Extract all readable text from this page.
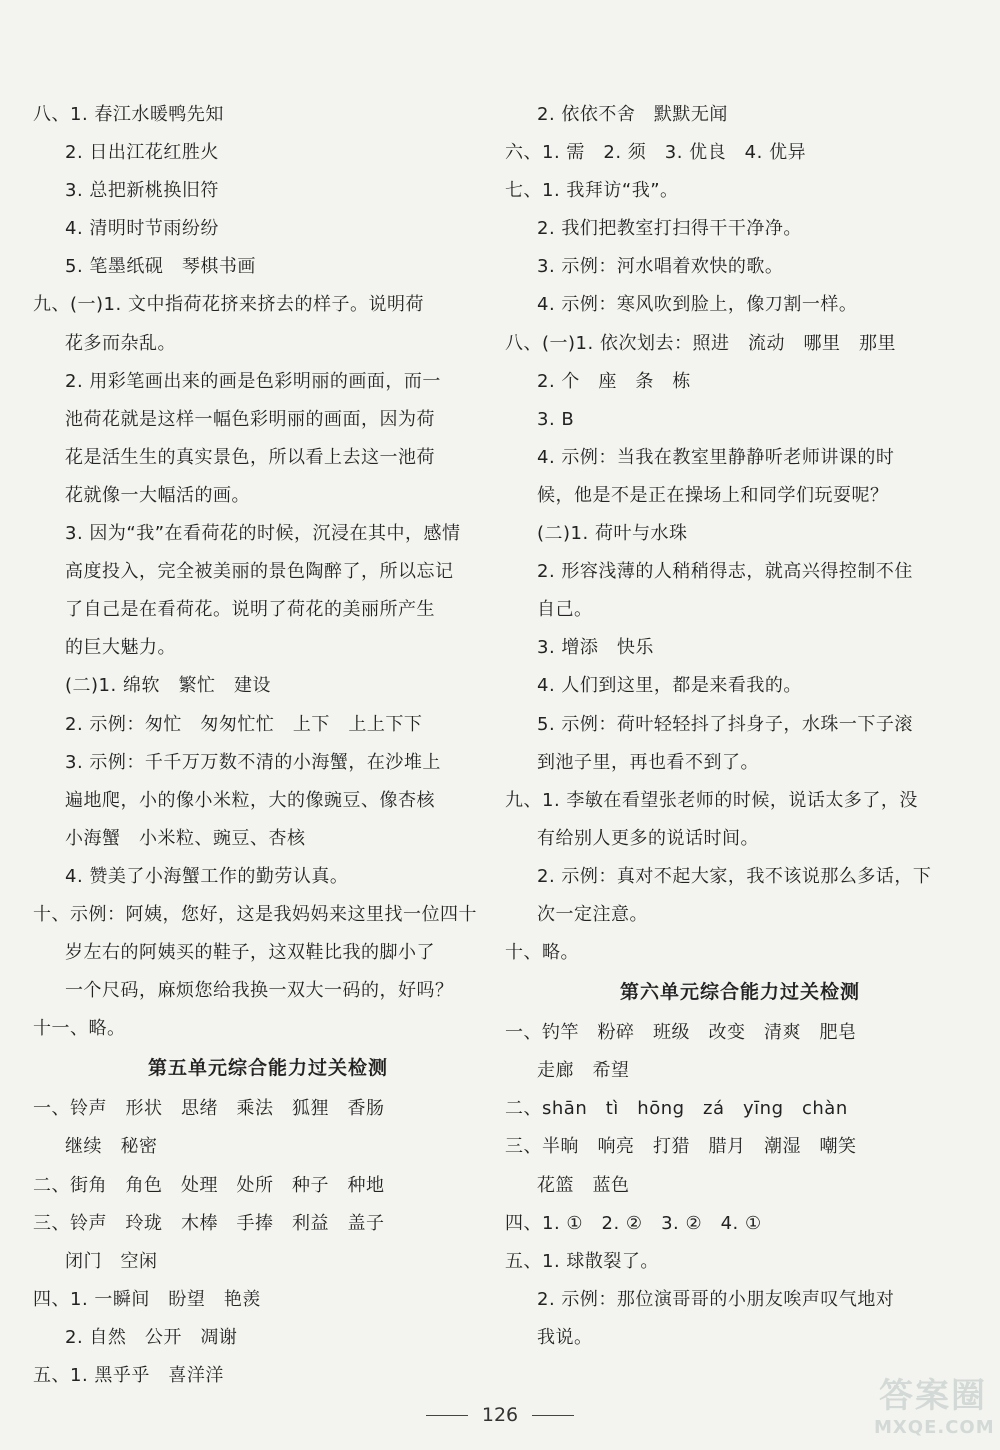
八、1. 春江水暖鸭先知
2. 日出江花红胜火
3. 总把新桃换旧符
4. 清明时节雨纷纷
5. 笔墨纸砚　琴棋书画
九、(一)1. 文中指荷花挤来挤去的样子。说明荷
花多而杂乱。
2. 用彩笔画出来的画是色彩明丽的画面，而一
池荷花就是这样一幅色彩明丽的画面，因为荷
花是活生生的真实景色，所以看上去这一池荷
花就像一大幅活的画。
3. 因为“我”在看荷花的时候，沉浸在其中，感情
高度投入，完全被美丽的景色陶醉了，所以忘记
了自己是在看荷花。说明了荷花的美丽所产生
的巨大魅力。
(二)1. 绵软　繁忙　建设
2. 示例：匆忙　匆匆忙忙　上下　上上下下
3. 示例：千千万万数不清的小海蟹，在沙堆上
遍地爬，小的像小米粒，大的像豌豆、像杏核
小海蟹　小米粒、豌豆、杏核
4. 赞美了小海蟹工作的勤劳认真。
十、示例：阿姨，您好，这是我妈妈来这里找一位四十
岁左右的阿姨买的鞋子，这双鞋比我的脚小了
一个尺码，麻烦您给我换一双大一码的，好吗？
十一、略。
第五单元综合能力过关检测
一、铃声　形状　思绪　乘法　狐狸　香肠
继续　秘密
二、街角　角色　处理　处所　种子　种地
三、铃声　玲珑　木棒　手捧　利益　盖子
闭门　空闲
四、1. 一瞬间　盼望　艳羡
2. 自然　公开　凋谢
五、1. 黑乎乎　喜洋洋
2. 依依不舍　默默无闻
六、1. 需　2. 须　3. 优良　4. 优异
七、1. 我拜访“我”。
2. 我们把教室打扫得干干净净。
3. 示例：河水唱着欢快的歌。
4. 示例：寒风吹到脸上，像刀割一样。
八、(一)1. 依次划去：照进　流动　哪里　那里
2. 个　座　条　栋
3. B
4. 示例：当我在教室里静静听老师讲课的时
候，他是不是正在操场上和同学们玩耍呢？
(二)1. 荷叶与水珠
2. 形容浅薄的人稍稍得志，就高兴得控制不住
自己。
3. 增添　快乐
4. 人们到这里，都是来看我的。
5. 示例：荷叶轻轻抖了抖身子，水珠一下子滚
到池子里，再也看不到了。
九、1. 李敏在看望张老师的时候，说话太多了，没
有给别人更多的说话时间。
2. 示例：真对不起大家，我不该说那么多话，下
次一定注意。
十、略。
第六单元综合能力过关检测
一、钓竿　粉碎　班级　改变　清爽　肥皂
走廊　希望
二、shān　tì　hōng　zá　yīng　chàn
三、半晌　响亮　打猎　腊月　潮湿　嘲笑
花篮　蓝色
四、1. ①　2. ②　3. ②　4. ①
五、1. 球散裂了。
2. 示例：那位演哥哥的小朋友唉声叹气地对
我说。
126	答案圈
MXQE.COM
